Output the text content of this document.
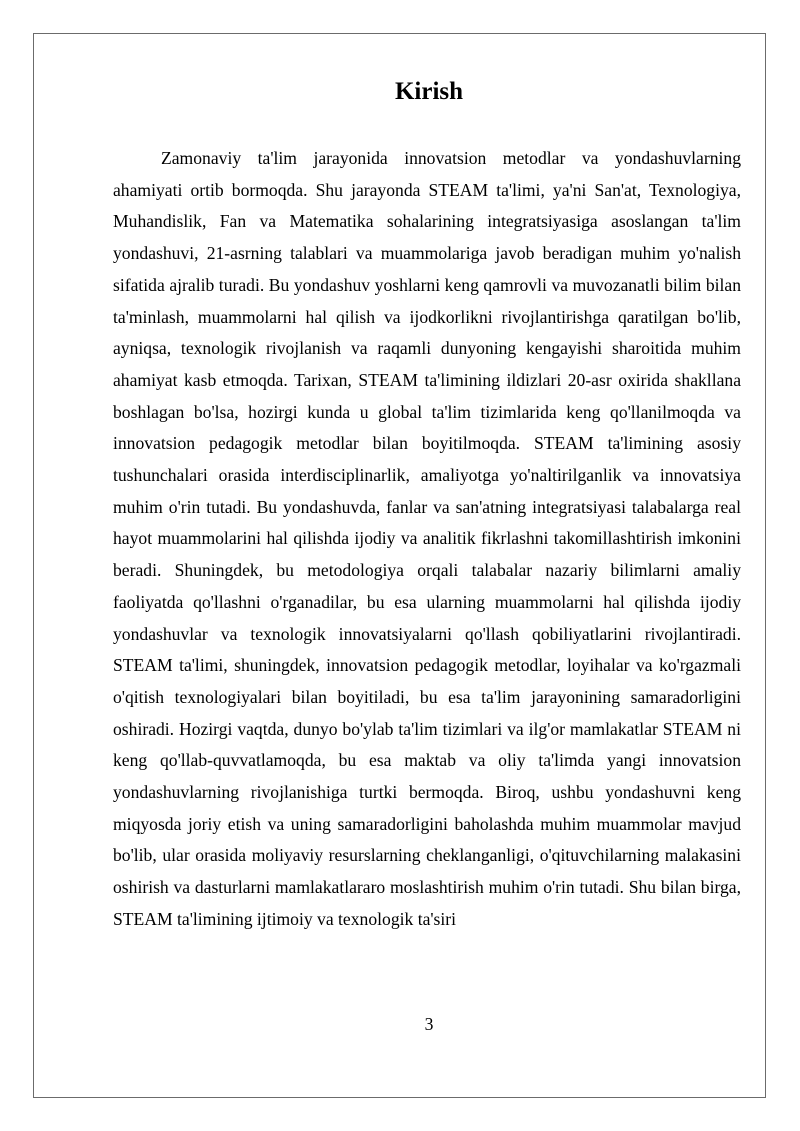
Kirish

Zamonaviy ta'lim jarayonida innovatsion metodlar va yondashuvlarning ahamiyati ortib bormoqda. Shu jarayonda STEAM ta'limi, ya'ni San'at, Texnologiya, Muhandislik, Fan va Matematika sohalarining integratsiyasiga asoslangan ta'lim yondashuvi, 21-asrning talablari va muammolariga javob beradigan muhim yo'nalish sifatida ajralib turadi. Bu yondashuv yoshlarni keng qamrovli va muvozanatli bilim bilan ta'minlash, muammolarni hal qilish va ijodkorlikni rivojlantirishga qaratilgan bo'lib, ayniqsa, texnologik rivojlanish va raqamli dunyoning kengayishi sharoitida muhim ahamiyat kasb etmoqda. Tarixan, STEAM ta'limining ildizlari 20-asr oxirida shakllana boshlagan bo'lsa, hozirgi kunda u global ta'lim tizimlarida keng qo'llanilmoqda va innovatsion pedagogik metodlar bilan boyitilmoqda. STEAM ta'limining asosiy tushunchalari orasida interdisciplinarlik, amaliyotga yo'naltirilganlik va innovatsiya muhim o'rin tutadi. Bu yondashuvda, fanlar va san'atning integratsiyasi talabalarga real hayot muammolarini hal qilishda ijodiy va analitik fikrlashni takomillashtirish imkonini beradi. Shuningdek, bu metodologiya orqali talabalar nazariy bilimlarni amaliy faoliyatda qo'llashni o'rganadilar, bu esa ularning muammolarni hal qilishda ijodiy yondashuvlar va texnologik innovatsiyalarni qo'llash qobiliyatlarini rivojlantiradi. STEAM ta'limi, shuningdek, innovatsion pedagogik metodlar, loyihalar va ko'rgazmali o'qitish texnologiyalari bilan boyitiladi, bu esa ta'lim jarayonining samaradorligini oshiradi. Hozirgi vaqtda, dunyo bo'ylab ta'lim tizimlari va ilg'or mamlakatlar STEAM ni keng qo'llab-quvvatlamoqda, bu esa maktab va oliy ta'limda yangi innovatsion yondashuvlarning rivojlanishiga turtki bermoqda. Biroq, ushbu yondashuvni keng miqyosda joriy etish va uning samaradorligini baholashda muhim muammolar mavjud bo'lib, ular orasida moliyaviy resurslarning cheklanganligi, o'qituvchilarning malakasini oshirish va dasturlarni mamlakatlararo moslashtirish muhim o'rin tutadi. Shu bilan birga, STEAM ta'limining ijtimoiy va texnologik ta'siri

3
